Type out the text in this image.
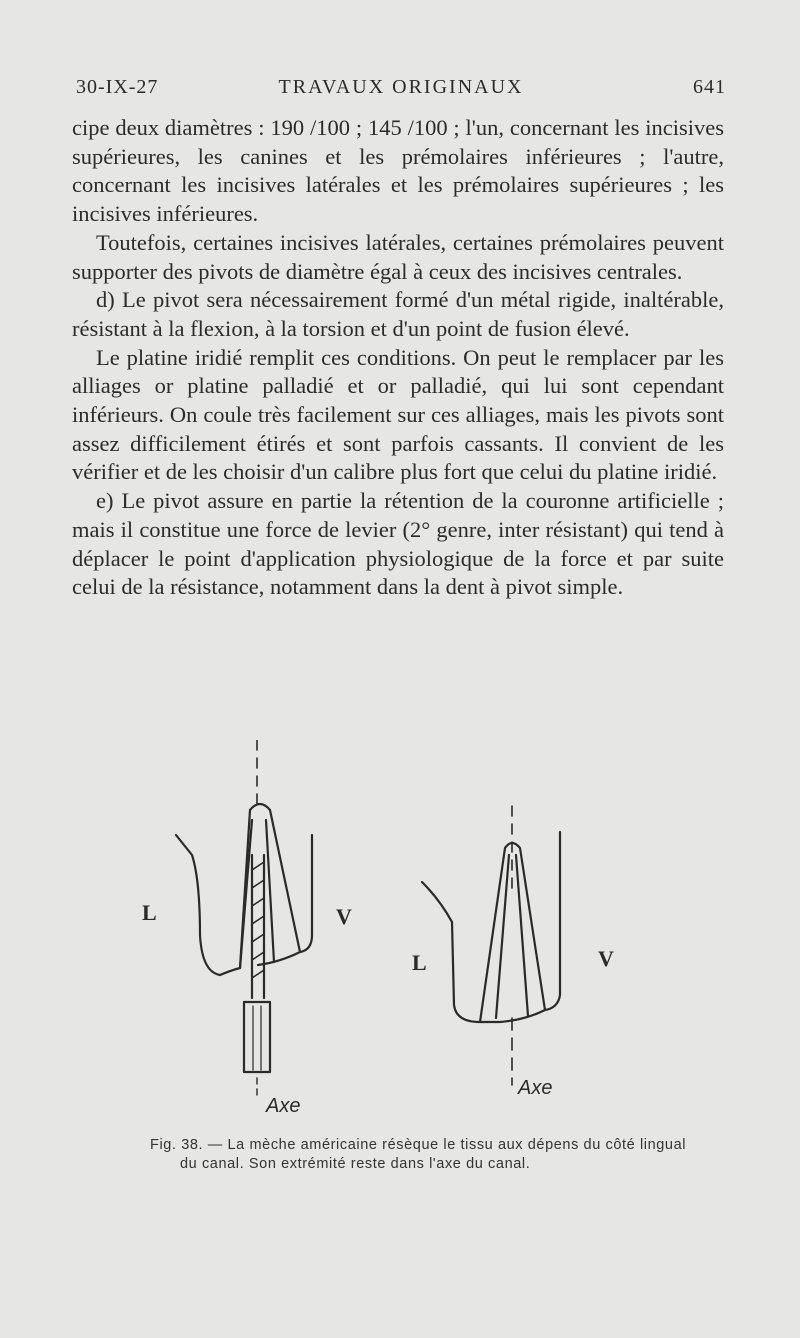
30-IX-27	TRAVAUX ORIGINAUX	641

cipe deux diamètres : 190 /100 ; 145 /100 ; l'un, concernant les incisives supérieures, les canines et les prémolaires inférieures ; l'autre, concernant les incisives latérales et les prémolaires supérieures ; les incisives inférieures.

Toutefois, certaines incisives latérales, certaines prémolaires peuvent supporter des pivots de diamètre égal à ceux des incisives centrales.

d) Le pivot sera nécessairement formé d'un métal rigide, inaltérable, résistant à la flexion, à la torsion et d'un point de fusion élevé.

Le platine iridié remplit ces conditions. On peut le remplacer par les alliages or platine palladié et or palladié, qui lui sont cependant inférieurs. On coule très facilement sur ces alliages, mais les pivots sont assez difficilement étirés et sont parfois cassants. Il convient de les vérifier et de les choisir d'un calibre plus fort que celui du platine iridié.

e) Le pivot assure en partie la rétention de la couronne artificielle ; mais il constitue une force de levier (2° genre, inter résistant) qui tend à déplacer le point d'application physiologique de la force et par suite celui de la résistance, notamment dans la dent à pivot simple.

L	V
L	V
Axe
Axe
Fig. 38. — La mèche américaine résèque le tissu aux dépens du côté lingual
du canal. Son extrémité reste dans l'axe du canal.
